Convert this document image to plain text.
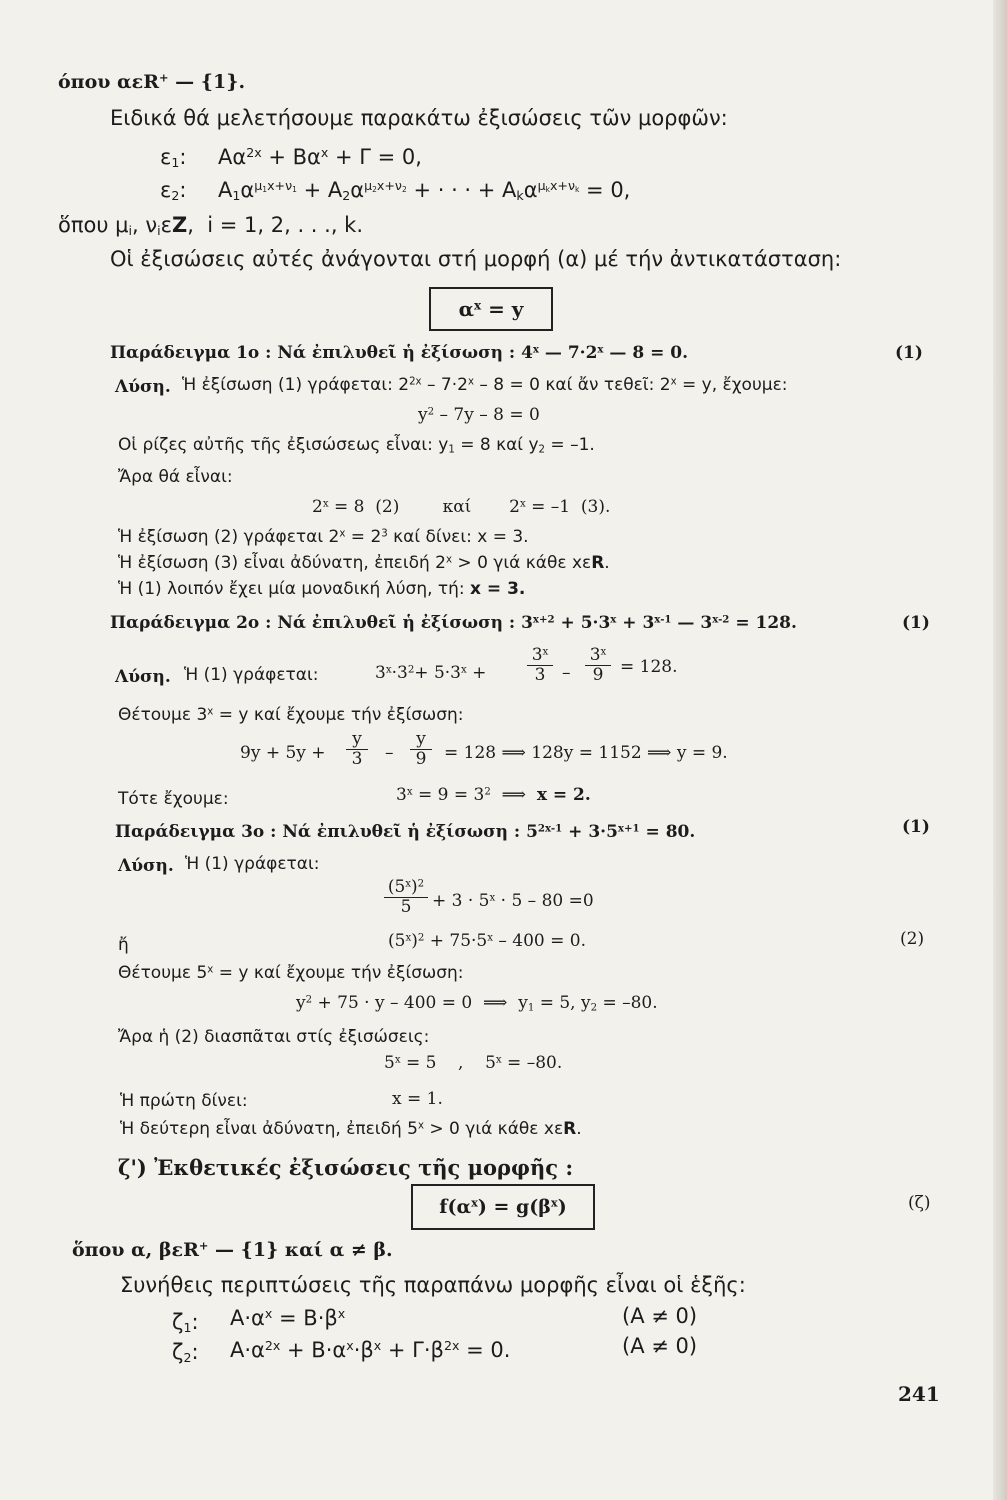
όπου αεR+ — {1}.
Ειδικά θά μελετήσουμε παρακάτω ἐξισώσεις τῶν μορφῶν:
$\varepsilon_1$: $A\alpha^{2x} + B\alpha^x + \Gamma = 0$,
$\varepsilon_2$: $A_1\alpha^{\mu_1x+\nu_1} + A_2\alpha^{\mu_2x+\nu_2}$ + · · · + $A_k\alpha^{\mu_kx+\nu_k} = 0$,
ὅπου $\mu_i$, $\nu_i\varepsilon Z$,  i = 1, 2, . . ., k.
Οἱ ἐξισώσεις αὐτές ἀνάγονται στή μορφή (α) μέ τήν ἀντικατάσταση:
$\alpha^x = y$
Παράδειγμα 1ο : Νά ἐπιλυθεῖ ἡ ἐξίσωση : 4$^x$ — $7\cdot 2^x$ — 8 = 0.	(1)
Λύση. Ἡ ἐξίσωση (1) γράφεται: $2^{2x} - 7\cdot 2^x - 8 = 0$ καί ἄν τεθεῖ: $2^x = y$, ἔχουμε:
$y^2 - 7y - 8 = 0$
Οἱ ρίζες αὐτῆς τῆς ἐξισώσεως εἶναι: $y_1 = 8$ καί $y_2 = -1$.
Ἄρα θά εἶναι:
$2^x = 8$  (2)        καί       $2^x = -1$  (3).
Ἡ ἐξίσωση (2) γράφεται $2^x = 2^3$ καί δίνει: x = 3.
Ἡ ἐξίσωση (3) εἶναι ἀδύνατη, ἐπειδή $2^x > 0$ γιά κάθε xεR.
Ἡ (1) λοιπόν ἔχει μία μοναδική λύση, τή: x = 3.
Παράδειγμα 2ο : Νά ἐπιλυθεῖ ἡ ἐξίσωση : $3^{x+2} + 5\cdot 3^x + 3^{x-1}$ — $3^{x-2} = 128$.	(1)
Λύση. Ἡ (1) γράφεται:	$3^x\cdot 3^2+ 5\cdot 3^x + \frac{3^x}{3} - \frac{3^x}{9} = 128$.
Θέτουμε $3^x = y$ καί ἔχουμε τήν ἐξίσωση:
$9y + 5y + \frac{y}{3} - \frac{y}{9} = 128$ ⟹ 128y = 1152 ⟹ y = 9.
Τότε ἔχουμε:	$3^x = 9 = 3^2$  ⟹  x = 2.
Παράδειγμα 3ο : Νά ἐπιλυθεῖ ἡ ἐξίσωση : $5^{2x-1} + 3\cdot 5^{x+1} = 80$.	(1)
Λύση. Ἡ (1) γράφεται:
$\frac{(5^x)^2}{5} + 3 \cdot 5^x \cdot 5 - 80 =0$
ἤ	$(5^x)^2 + 75\cdot 5^x - 400 = 0$.	(2)
Θέτουμε $5^x = y$ καί ἔχουμε τήν ἐξίσωση:
$y^2 + 75 \cdot y - 400 = 0$  ⟹  $y_1 = 5$, $y_2 = -80$.
Ἄρα ἡ (2) διασπᾶται στίς ἐξισώσεις:
$5^x = 5$    ,    $5^x = -80$.
Ἡ πρώτη δίνει:	x = 1.
Ἡ δεύτερη εἶναι ἀδύνατη, ἐπειδή $5^x > 0$ γιά κάθε xεR.
ζ') Ἐκθετικές ἐξισώσεις τῆς μορφῆς :
$f(\alpha^x) = g(\beta^x)$	(ζ)
ὅπου α, βεR+ — {1} καί α ≠ β.
Συνήθεις περιπτώσεις τῆς παραπάνω μορφῆς εἶναι οἱ ἑξῆς:
$\zeta_1$: $A\cdot\alpha^x = B\cdot\beta^x$	(Α ≠ 0)
$\zeta_2$: $A\cdot\alpha^{2x} + B\cdot\alpha^x\cdot\beta^x + \Gamma\cdot\beta^{2x} = 0$.	(Α ≠ 0)
241
